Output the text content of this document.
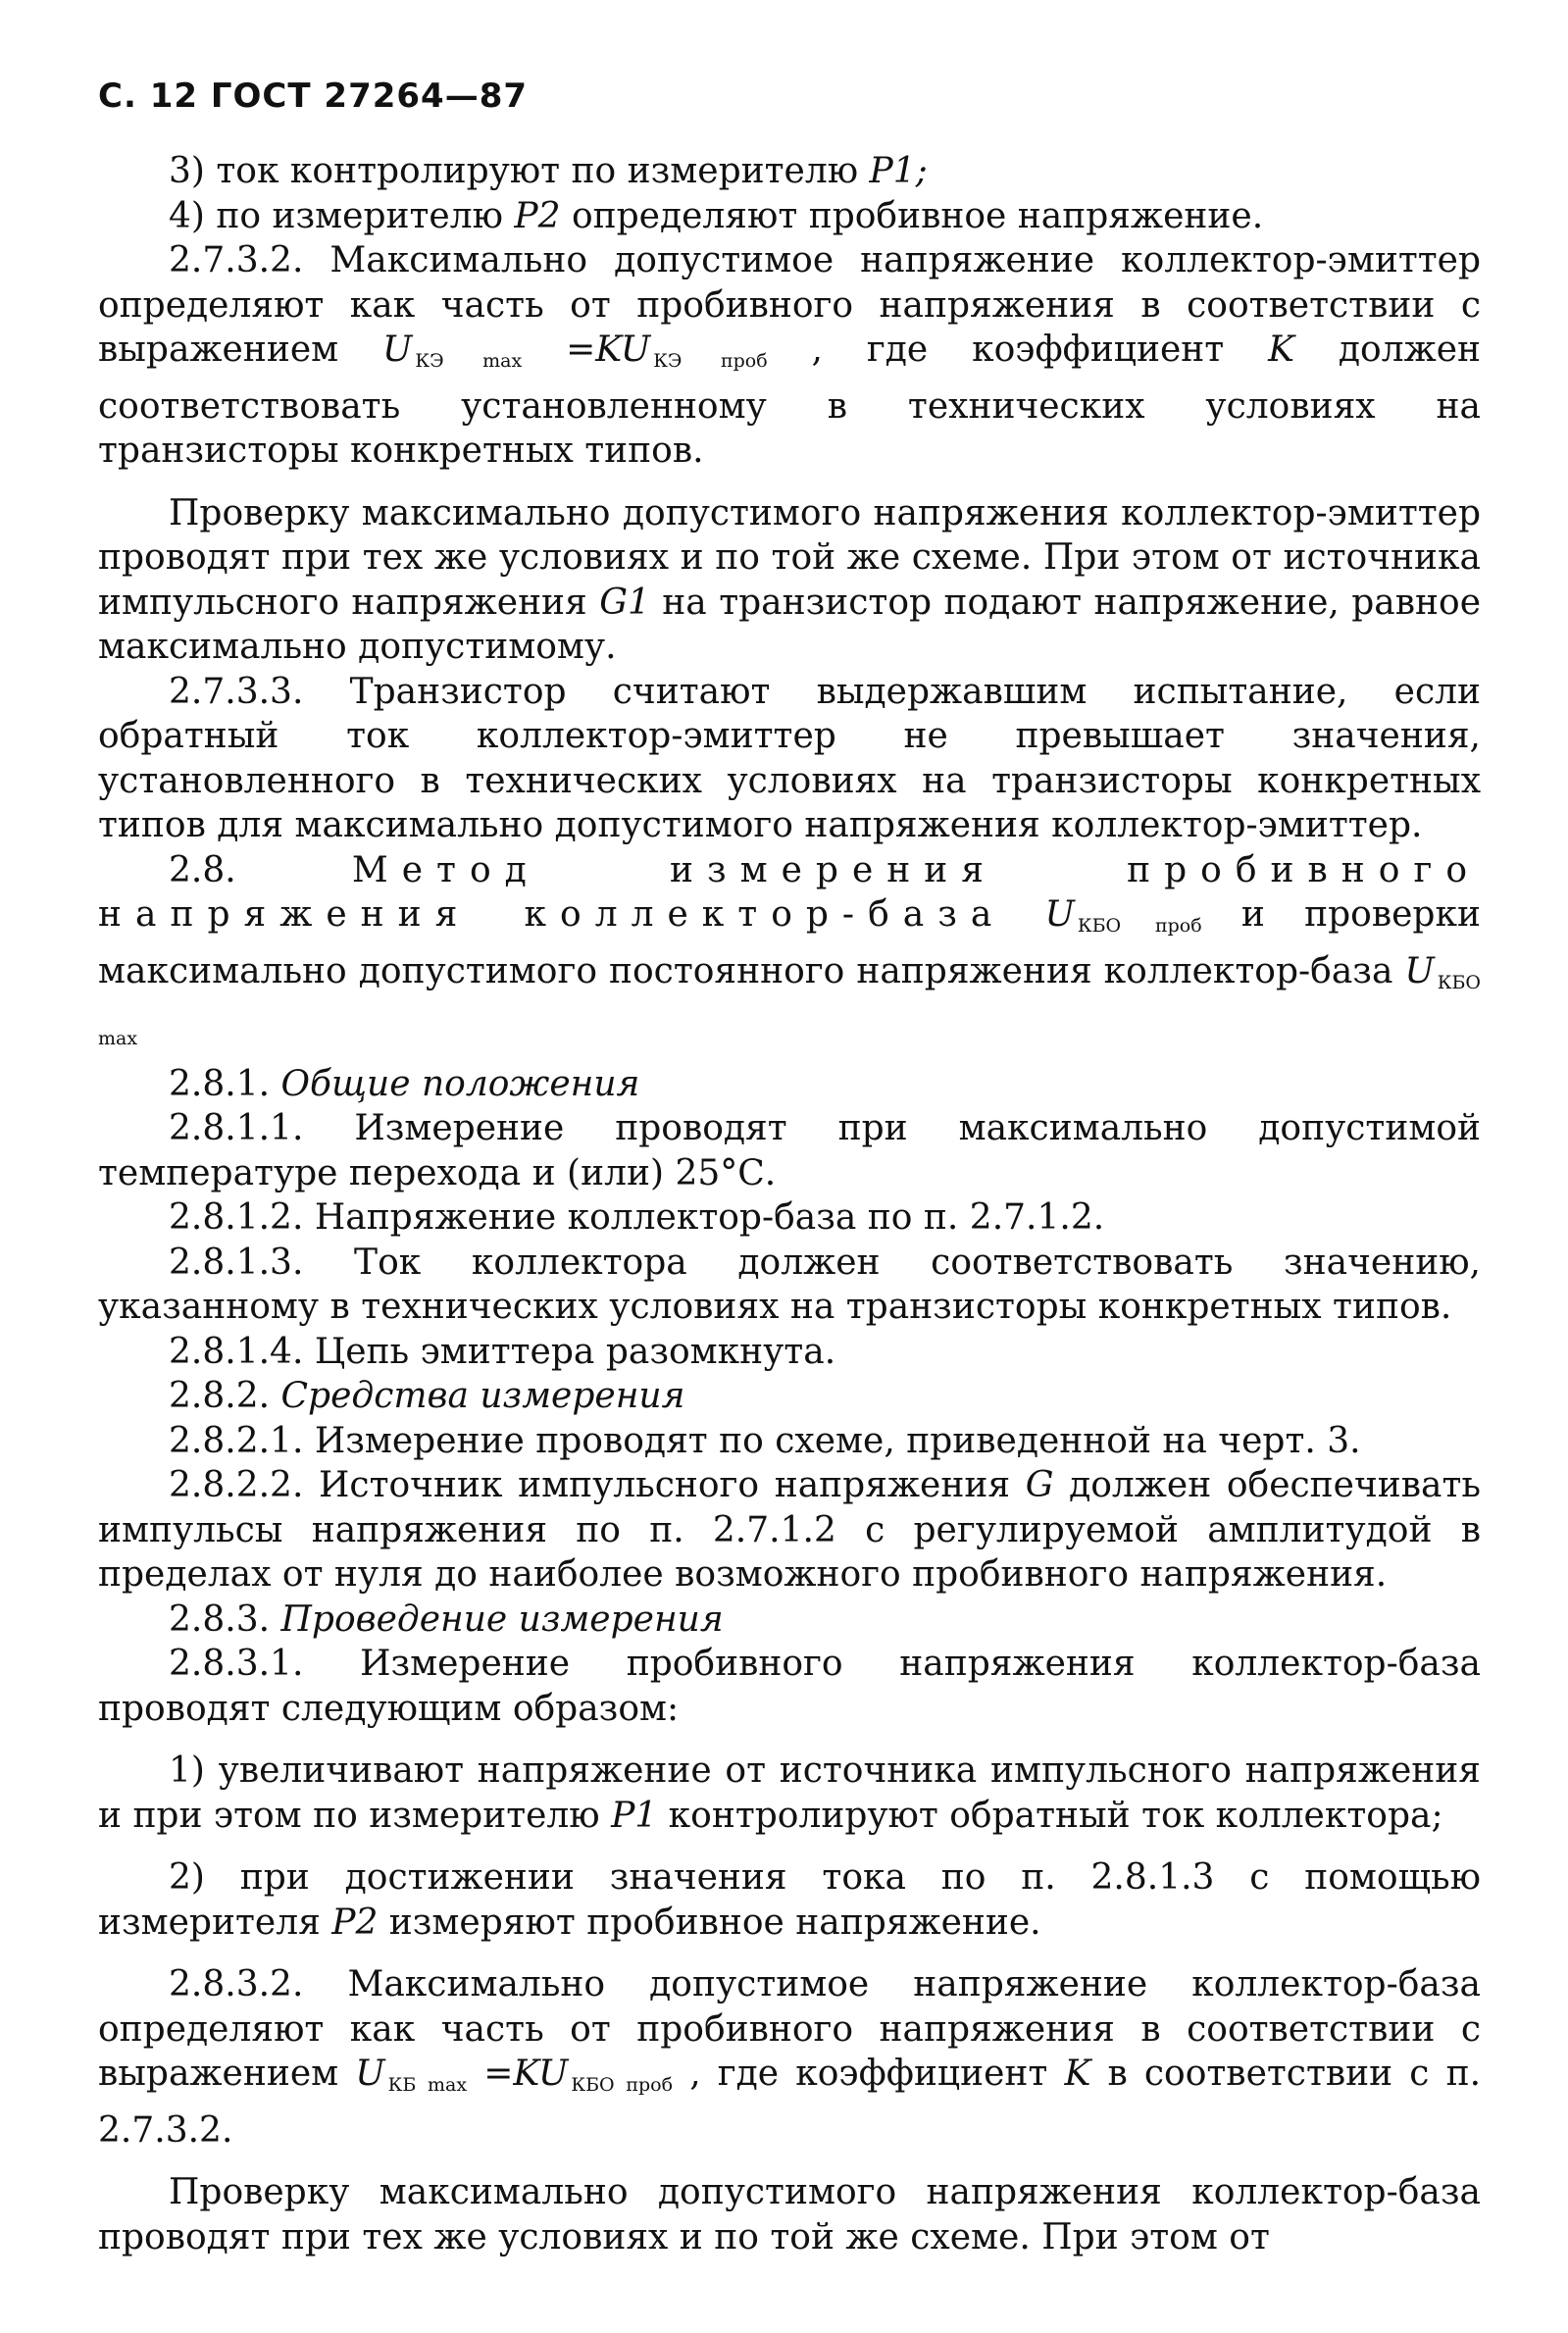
С. 12 ГОСТ 27264—87

3) ток контролируют по измерителю P1;

4) по измерителю P2 определяют пробивное напряжение.

2.7.3.2. Максимально допустимое напряжение коллектор-эмиттер определяют как часть от пробивного напряжения в соответствии с выражением U $_{КЭ max}$ =KU $_{КЭ проб}$ , где коэффициент K должен соответствовать установленному в технических условиях на транзисторы конкретных типов.

Проверку максимально допустимого напряжения коллектор-эмиттер проводят при тех же условиях и по той же схеме. При этом от источника импульсного напряжения G1 на транзистор подают напряжение, равное максимально допустимому.

2.7.3.3. Транзистор считают выдержавшим испытание, если обратный ток коллектор-эмиттер не превышает значения, установленного в технических условиях на транзисторы конкретных типов для максимально допустимого напряжения коллектор-эмиттер.

2.8. Метод измерения пробивного напряжения коллектор-база U $_{КБО проб}$ и проверки максимально допустимого постоянного напряжения коллектор-база U $_{КБО max}$

2.8.1. Общие положения

2.8.1.1. Измерение проводят при максимально допустимой температуре перехода и (или) 25°С.

2.8.1.2. Напряжение коллектор-база по п. 2.7.1.2.

2.8.1.3. Ток коллектора должен соответствовать значению, указанному в технических условиях на транзисторы конкретных типов.

2.8.1.4. Цепь эмиттера разомкнута.

2.8.2. Средства измерения

2.8.2.1. Измерение проводят по схеме, приведенной на черт. 3.

2.8.2.2. Источник импульсного напряжения G должен обеспечивать импульсы напряжения по п. 2.7.1.2 с регулируемой амплитудой в пределах от нуля до наиболее возможного пробивного напряжения.

2.8.3. Проведение измерения

2.8.3.1. Измерение пробивного напряжения коллектор-база проводят следующим образом:

1) увеличивают напряжение от источника импульсного напряжения и при этом по измерителю P1 контролируют обратный ток коллектора;

2) при достижении значения тока по п. 2.8.1.3 с помощью измерителя P2 измеряют пробивное напряжение.

2.8.3.2. Максимально допустимое напряжение коллектор-база определяют как часть от пробивного напряжения в соответствии с выражением U $_{КБ max}$ =KU $_{КБО проб}$ , где коэффициент K в соответствии с п. 2.7.3.2.

Проверку максимально допустимого напряжения коллектор-база проводят при тех же условиях и по той же схеме. При этом от
